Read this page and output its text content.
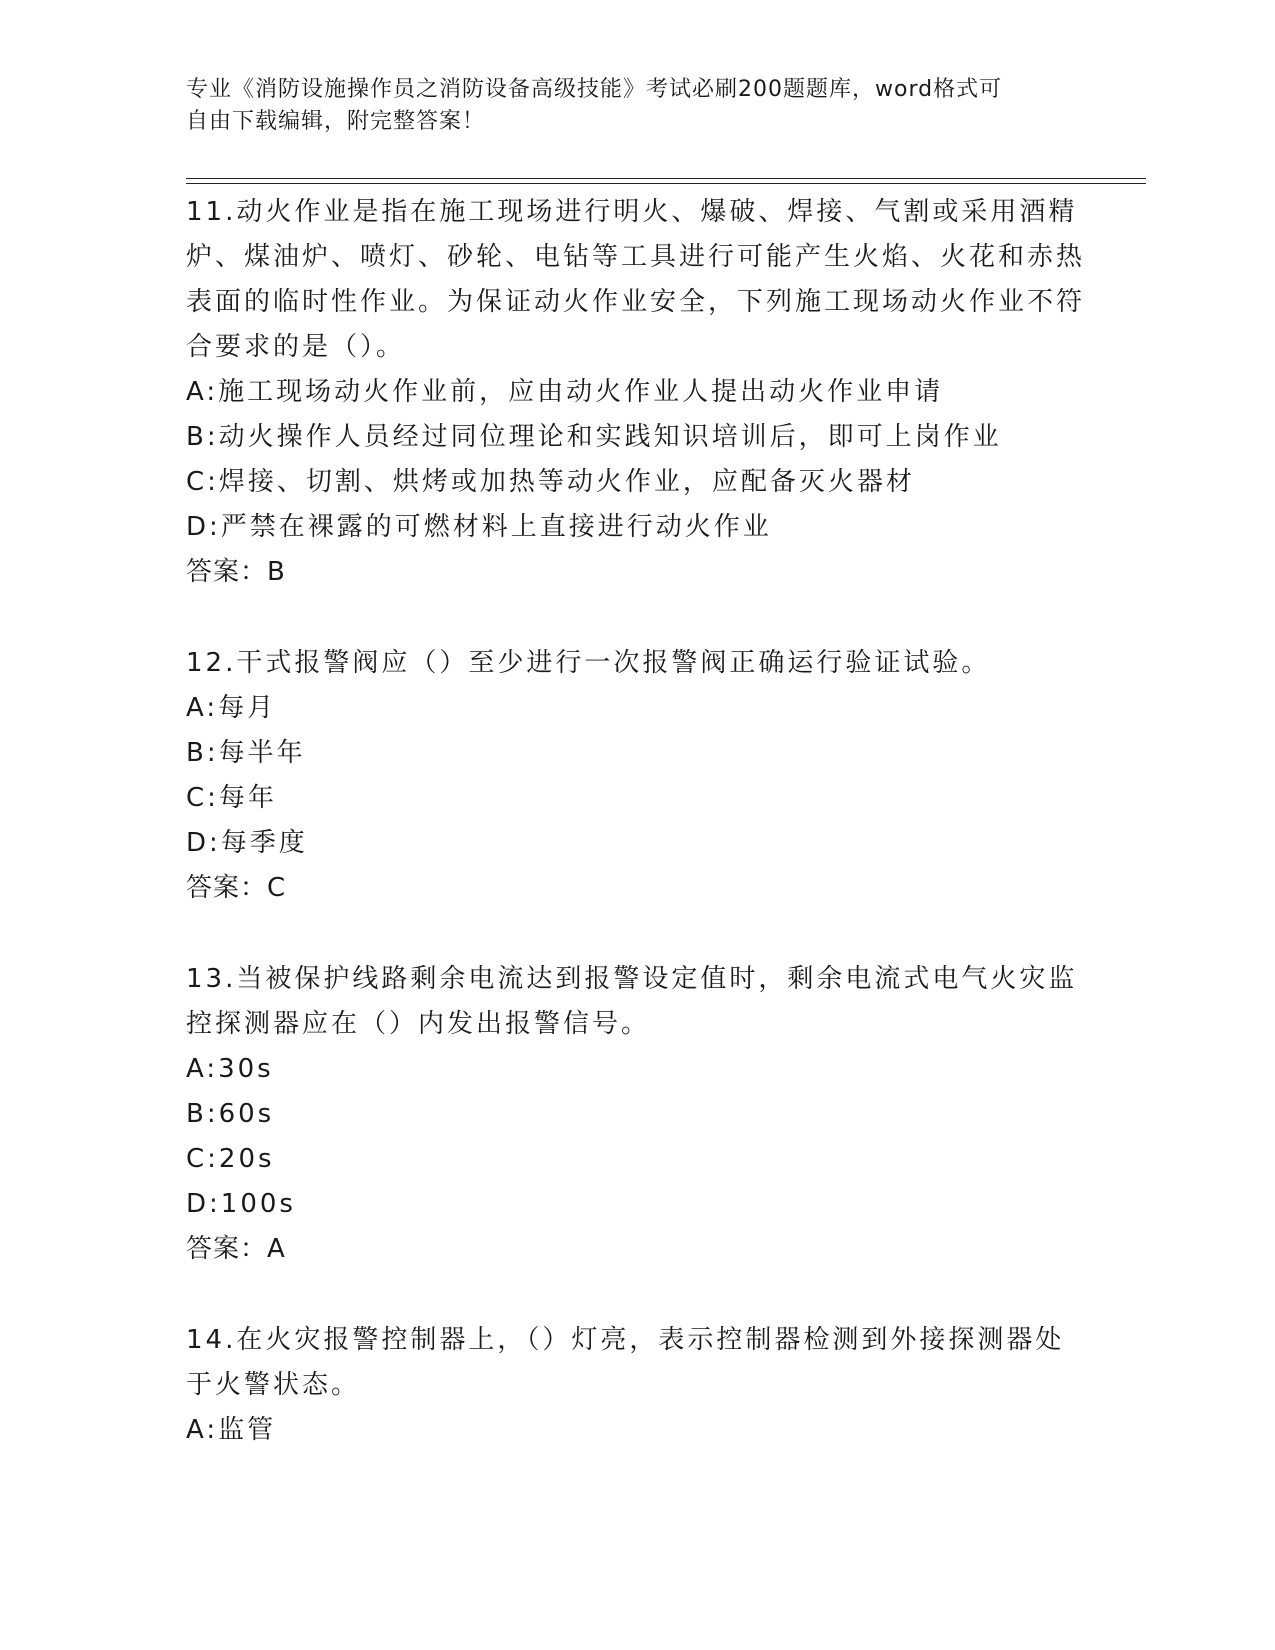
专业《消防设施操作员之消防设备高级技能》考试必刷200题题库，word格式可
自由下载编辑，附完整答案！

11.动火作业是指在施工现场进行明火、爆破、焊接、气割或采用酒精炉、煤油炉、喷灯、砂轮、电钻等工具进行可能产生火焰、火花和赤热表面的临时性作业。为保证动火作业安全，下列施工现场动火作业不符合要求的是（）。

A:施工现场动火作业前，应由动火作业人提出动火作业申请

B:动火操作人员经过同位理论和实践知识培训后，即可上岗作业

C:焊接、切割、烘烤或加热等动火作业，应配备灭火器材

D:严禁在裸露的可燃材料上直接进行动火作业

答案：B

12.干式报警阀应（）至少进行一次报警阀正确运行验证试验。

A:每月

B:每半年

C:每年

D:每季度

答案：C

13.当被保护线路剩余电流达到报警设定值时，剩余电流式电气火灾监控探测器应在（）内发出报警信号。

A:30s

B:60s

C:20s

D:100s

答案：A

14.在火灾报警控制器上，（）灯亮，表示控制器检测到外接探测器处于火警状态。

A:监管
